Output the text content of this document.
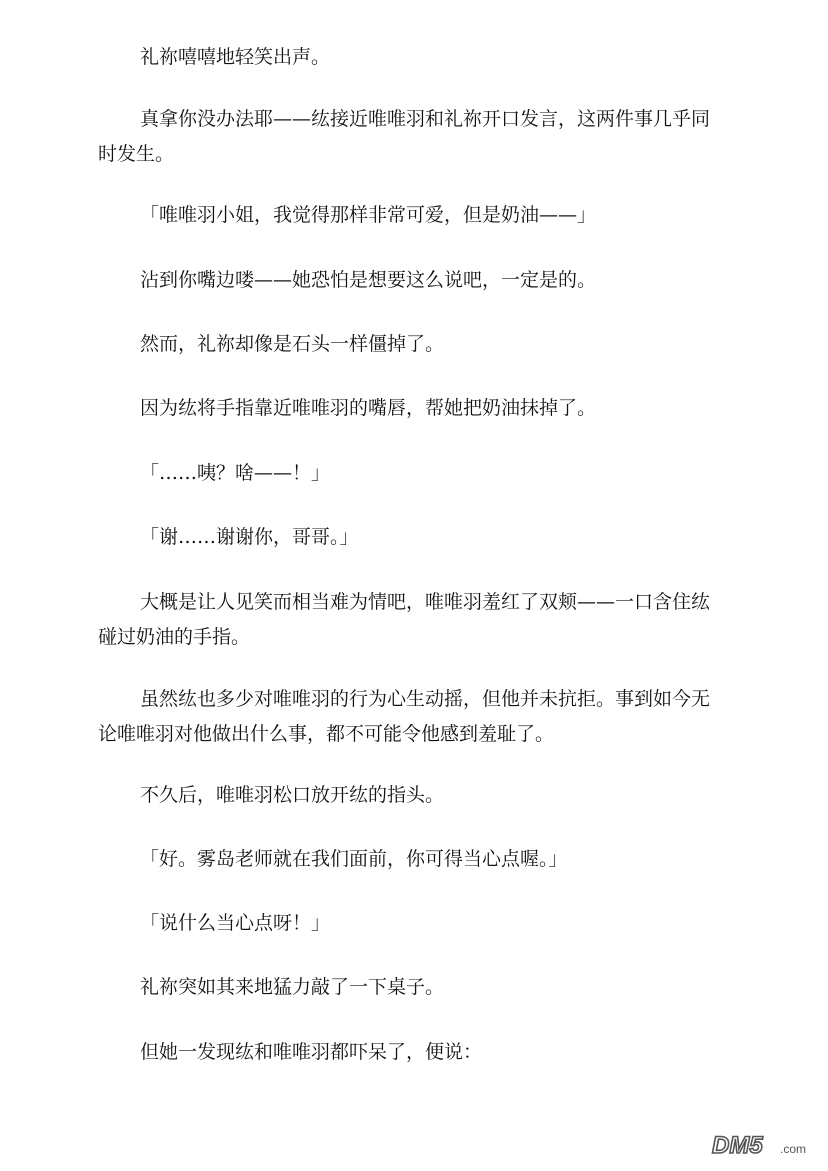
礼祢嘻嘻地轻笑出声。
真拿你没办法耶——纮接近唯唯羽和礼祢开口发言，这两件事几乎同
时发生。
「唯唯羽小姐，我觉得那样非常可爱，但是奶油——」
沾到你嘴边喽——她恐怕是想要这么说吧，一定是的。
然而，礼祢却像是石头一样僵掉了。
因为纮将手指靠近唯唯羽的嘴唇，帮她把奶油抹掉了。
「……咦？啥——！」
「谢……谢谢你，哥哥。」
大概是让人见笑而相当难为情吧，唯唯羽羞红了双颊——一口含住纮
碰过奶油的手指。
虽然纮也多少对唯唯羽的行为心生动摇，但他并未抗拒。事到如今无
论唯唯羽对他做出什么事，都不可能令他感到羞耻了。
不久后，唯唯羽松口放开纮的指头。
「好。雾岛老师就在我们面前，你可得当心点喔。」
「说什么当心点呀！」
礼祢突如其来地猛力敲了一下桌子。
但她一发现纮和唯唯羽都吓呆了，便说：
DM5 .com
